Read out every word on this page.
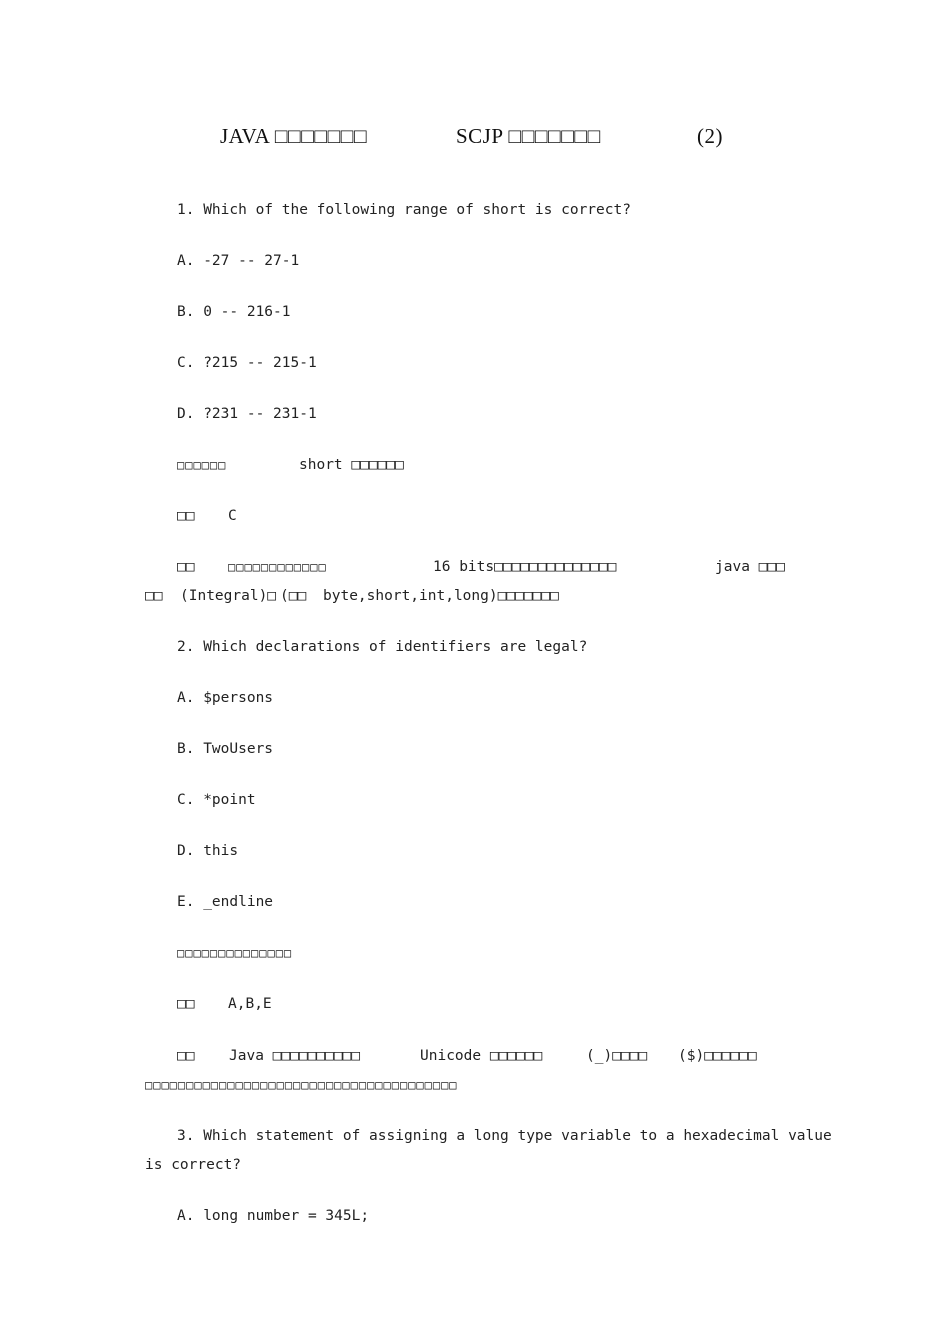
JAVA □□□□□□□	SCJP □□□□□□□	(2)
1. Which of the following range of short is correct?
A. -27 -- 27-1
B. 0 -- 216-1
C. ?215 -- 215-1
D. ?231 -- 231-1
□□□□□□	short □□□□□□
□□ C
□□	□□□□□□□□□□□□	16 bits□□□□□□□□□□□□□□	java □□□
□□ (Integral)□ (□□ byte,short,int,long)□□□□□□□
2. Which declarations of identifiers are legal?
A. $persons
B. TwoUsers
C. *point
D. this
E. _endline
□□□□□□□□□□□□□□
□□ A,B,E
□□ Java □□□□□□□□□□	Unicode □□□□□□	(_)□□□□ ($)□□□□□□
□□□□□□□□□□□□□□□□□□□□□□□□□□□□□□□□□□□□□□
3. Which statement of assigning a long type variable to a hexadecimal value
is correct?
A. long number = 345L;
